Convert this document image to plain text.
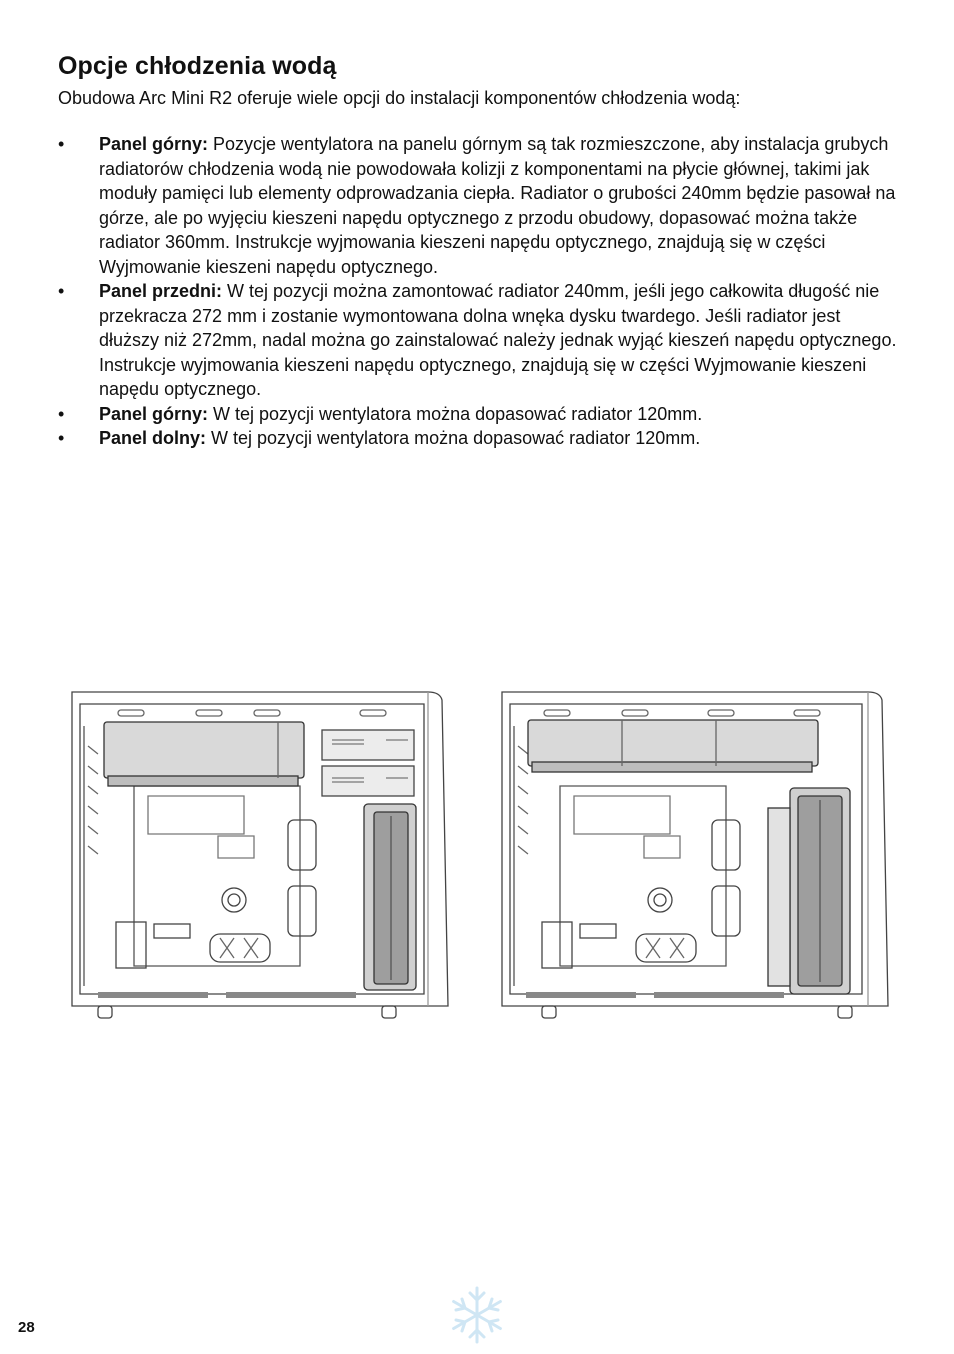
Opcje chłodzenia wodą

Obudowa Arc Mini R2 oferuje wiele opcji do instalacji komponentów chłodzenia wodą:

• Panel górny: Pozycje wentylatora na panelu górnym są tak rozmieszczone, aby instalacja grubych radiatorów chłodzenia wodą nie powodowała kolizji z komponentami na płycie głównej, takimi jak moduły pamięci lub elementy odprowadzania ciepła. Radiator o grubości 240mm będzie pasował na górze, ale po wyjęciu kieszeni napędu optycznego z przodu obudowy, dopasować można także radiator 360mm. Instrukcje wyjmowania kieszeni napędu optycznego, znajdują się w części Wyjmowanie kieszeni napędu optycznego.
• Panel przedni: W tej pozycji można zamontować radiator 240mm, jeśli jego całkowita długość nie przekracza 272 mm i zostanie wymontowana dolna wnęka dysku twardego. Jeśli radiator jest dłuższy niż 272mm, nadal można go zainstalować należy jednak wyjąć kieszeń napędu optycznego. Instrukcje wyjmowania kieszeni napędu optycznego, znajdują się w części Wyjmowanie kieszeni napędu optycznego.
• Panel górny: W tej pozycji wentylatora można dopasować radiator 120mm.
• Panel dolny: W tej pozycji wentylatora można dopasować radiator 120mm.
28
